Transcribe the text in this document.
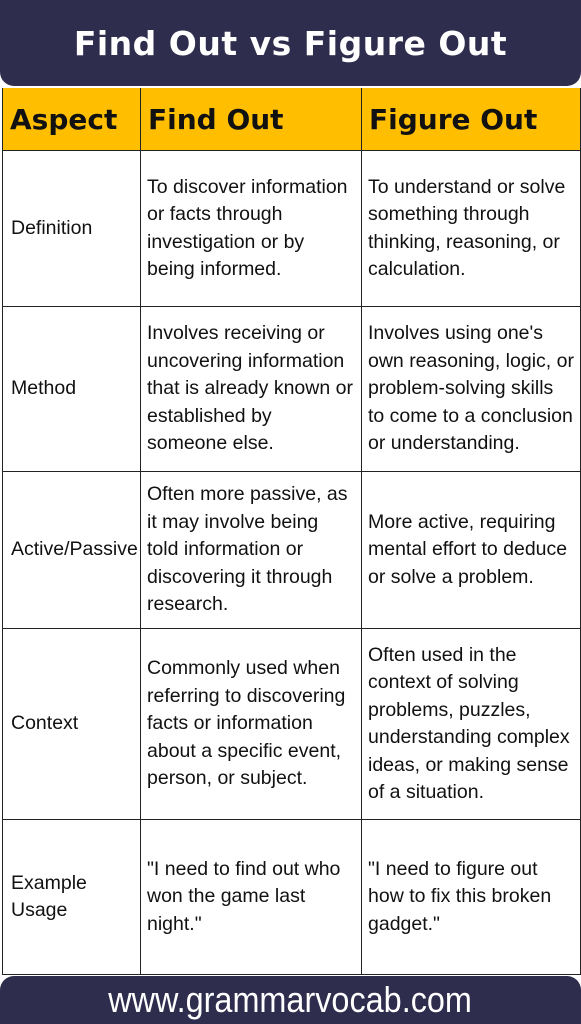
Find Out vs Figure Out
Aspect	Find Out	Figure Out
Definition	To discover information or facts through investigation or by being informed.	To understand or solve something through thinking, reasoning, or calculation.
Method	Involves receiving or uncovering information that is already known or established by someone else.	Involves using one's own reasoning, logic, or problem-solving skills to come to a conclusion or understanding.
Active/Passive	Often more passive, as it may involve being told information or discovering it through research.	More active, requiring mental effort to deduce or solve a problem.
Context	Commonly used when referring to discovering facts or information about a specific event, person, or subject.	Often used in the context of solving problems, puzzles, understanding complex ideas, or making sense of a situation.
Example Usage	"I need to find out who won the game last night."	"I need to figure out how to fix this broken gadget."
www.grammarvocab.com
